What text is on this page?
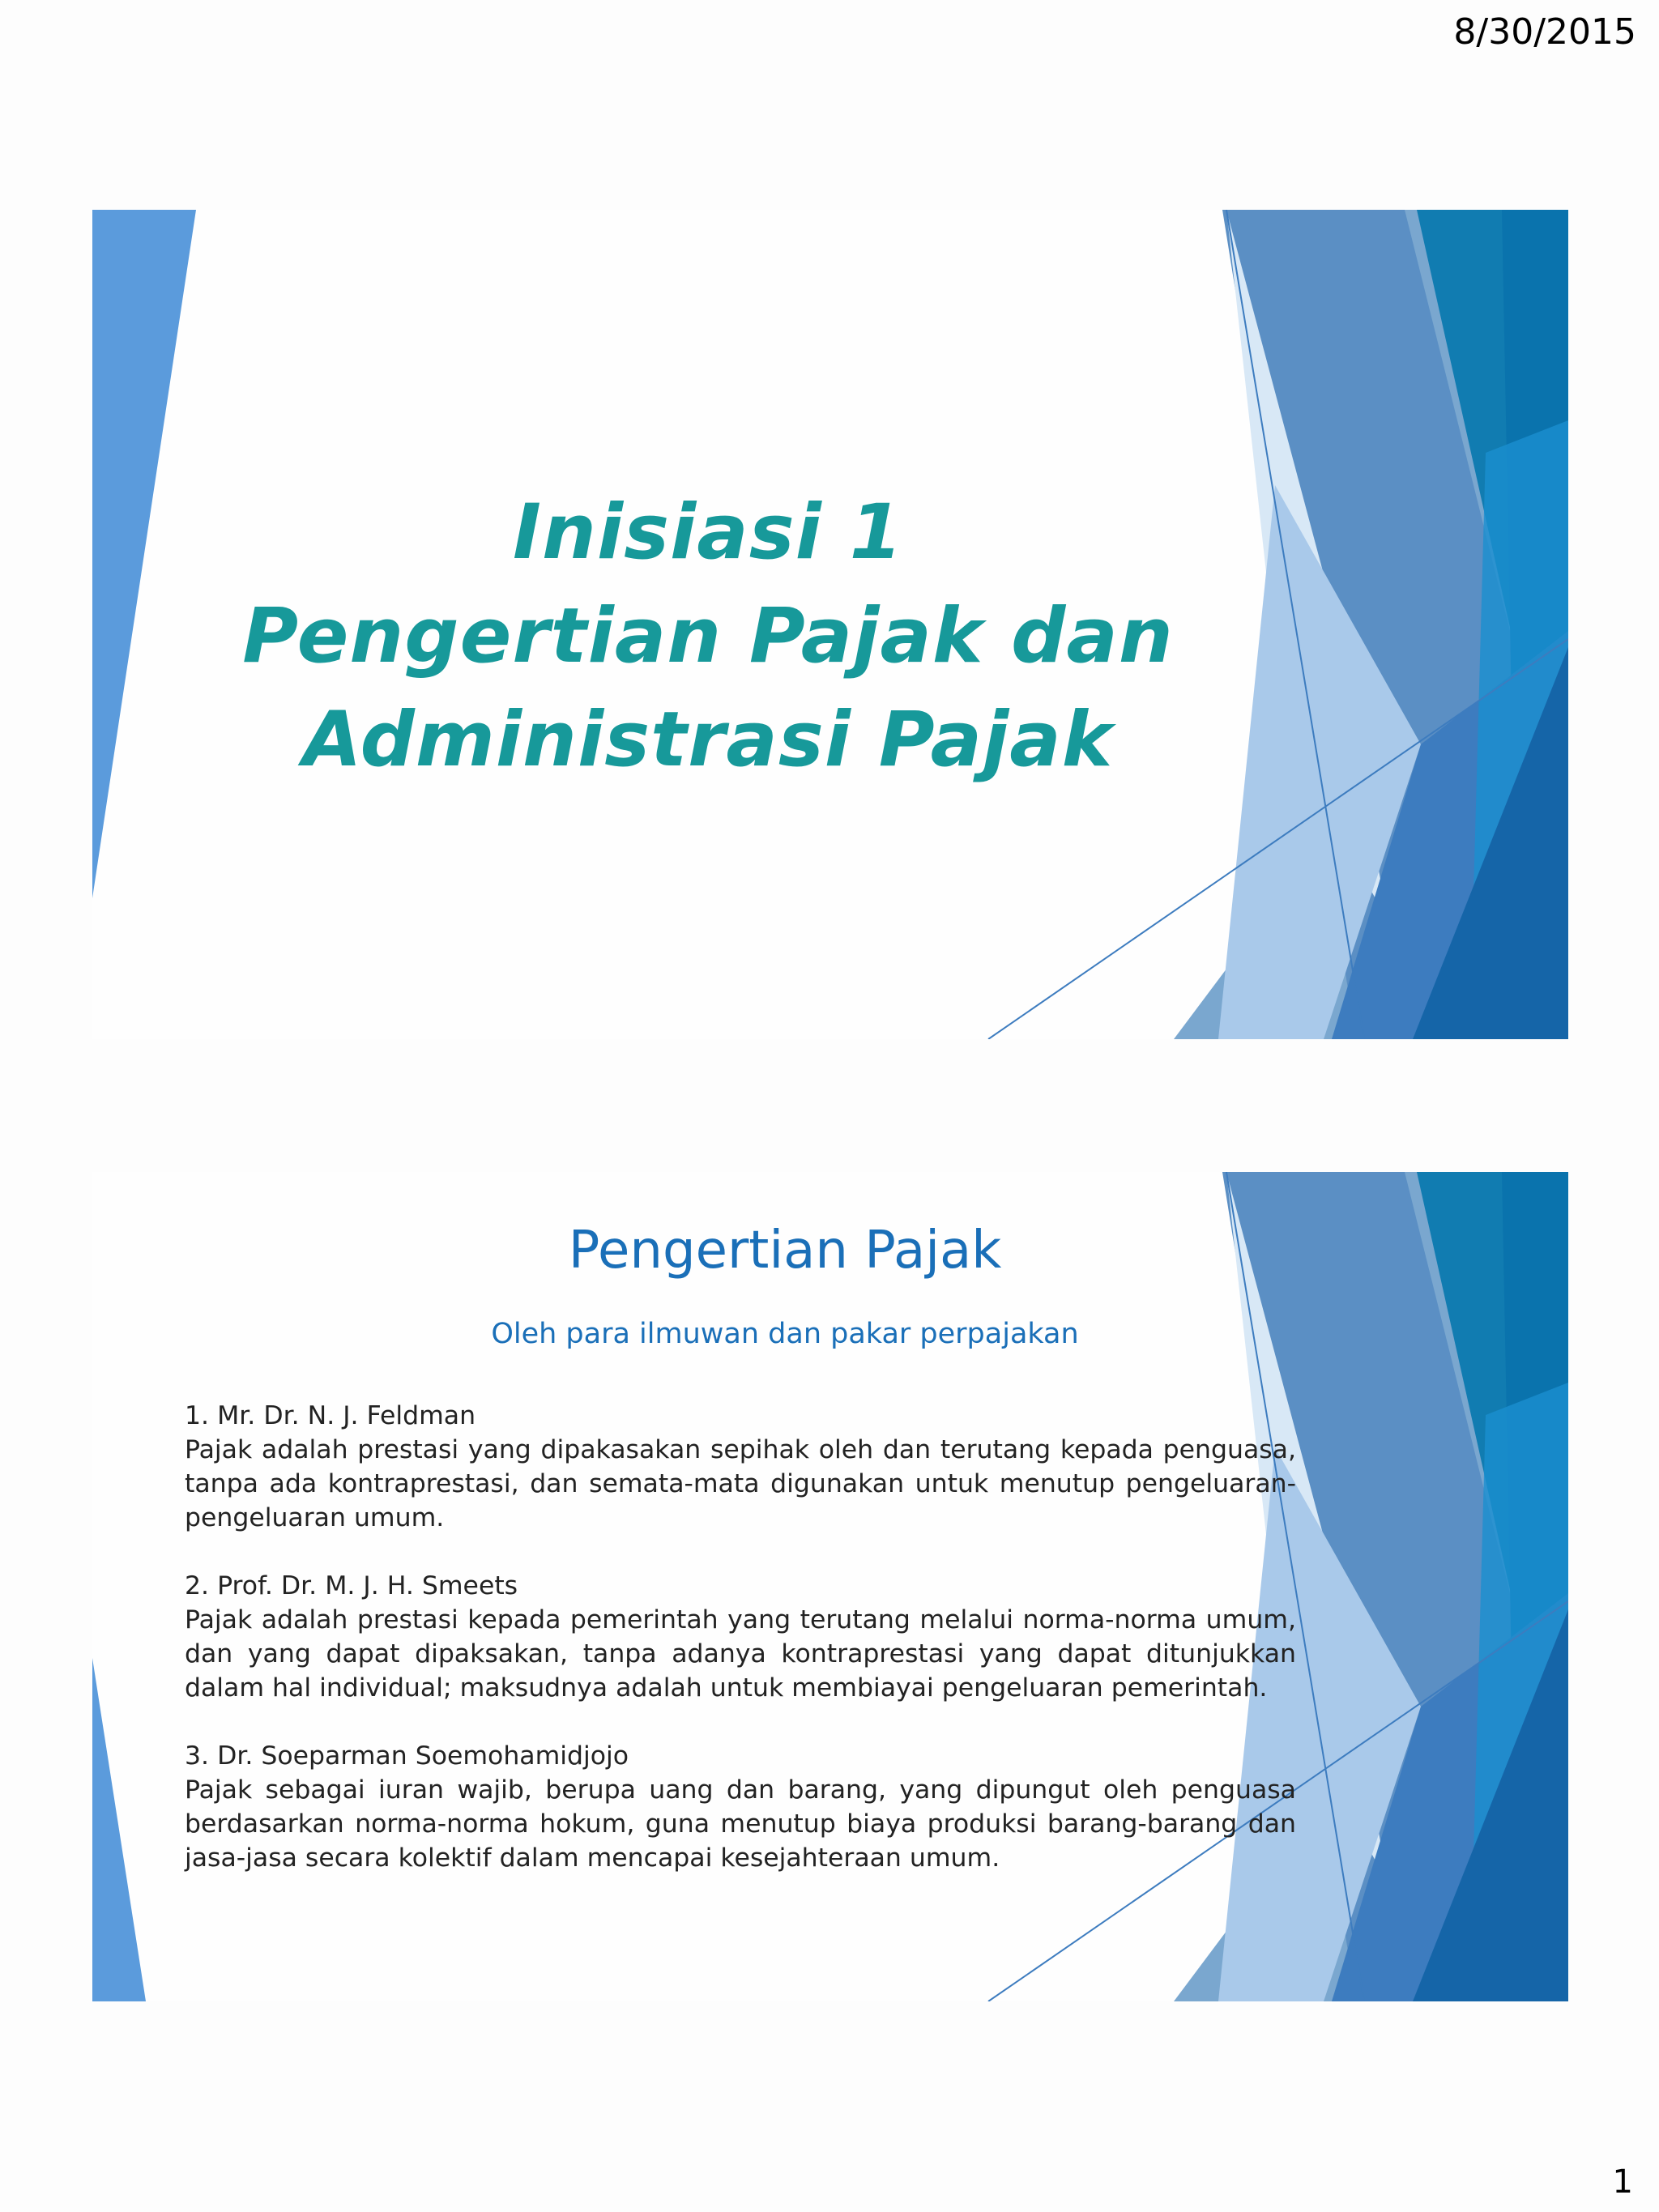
8/30/2015
Inisiasi 1
Pengertian Pajak dan
Administrasi Pajak
Pengertian Pajak
Oleh para ilmuwan dan pakar perpajakan
1. Mr. Dr. N. J. Feldman
Pajak adalah prestasi yang dipakasakan sepihak oleh dan terutang kepada penguasa, tanpa ada kontraprestasi, dan semata-mata digunakan untuk menutup pengeluaran-pengeluaran umum.
2. Prof. Dr. M. J. H. Smeets
Pajak adalah prestasi kepada pemerintah yang terutang melalui norma-norma umum, dan yang dapat dipaksakan, tanpa adanya kontraprestasi yang dapat ditunjukkan dalam hal individual; maksudnya adalah untuk membiayai pengeluaran pemerintah.
3. Dr. Soeparman Soemohamidjojo
Pajak sebagai iuran wajib, berupa uang dan barang, yang dipungut oleh penguasa berdasarkan norma-norma hokum, guna menutup biaya produksi barang-barang dan jasa-jasa secara kolektif dalam mencapai kesejahteraan umum.
1
